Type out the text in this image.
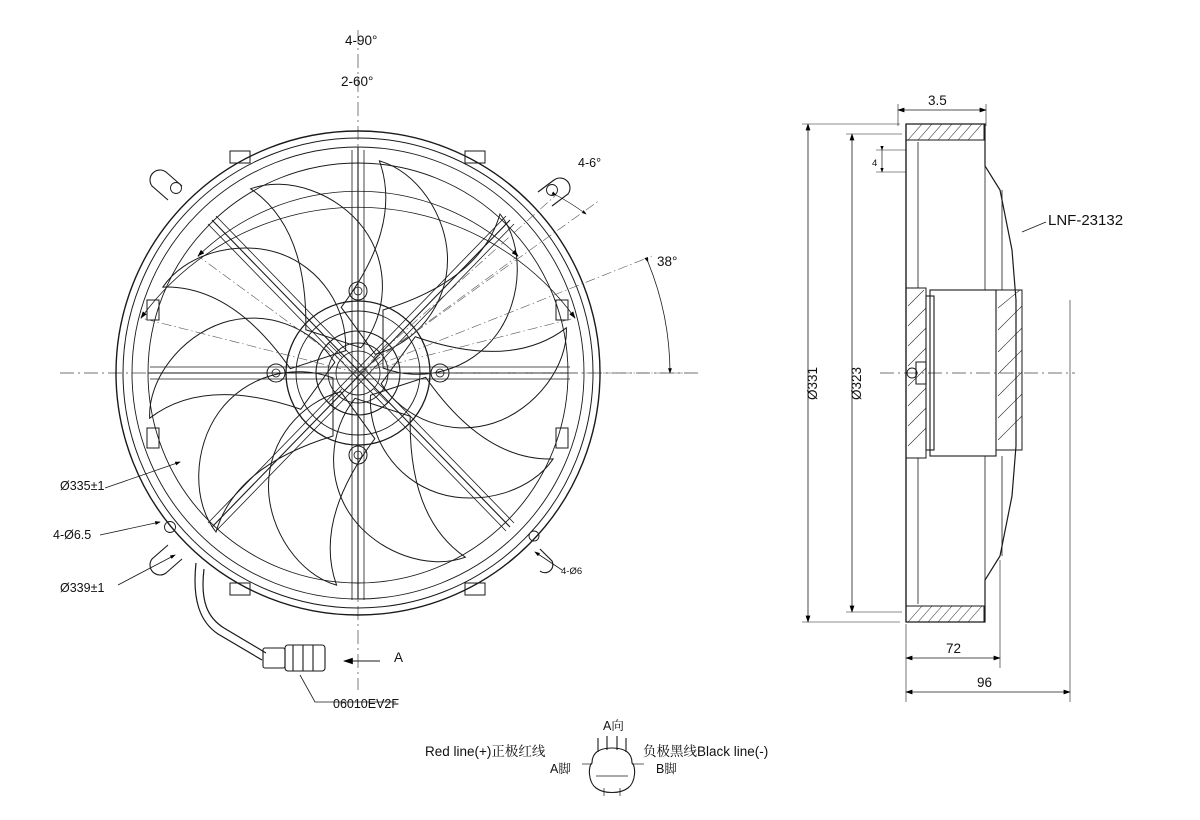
4-90°
2-60°
4-6°
38°
Ø335±1
4-Ø6.5
Ø339±1
4-Ø6
A
06010EV2F
LNF-23132
Ø331 Ø323
3.5
4
72
96
A向
Red line(+)正极红线	负极黑线Black line(-)
A脚	B脚
